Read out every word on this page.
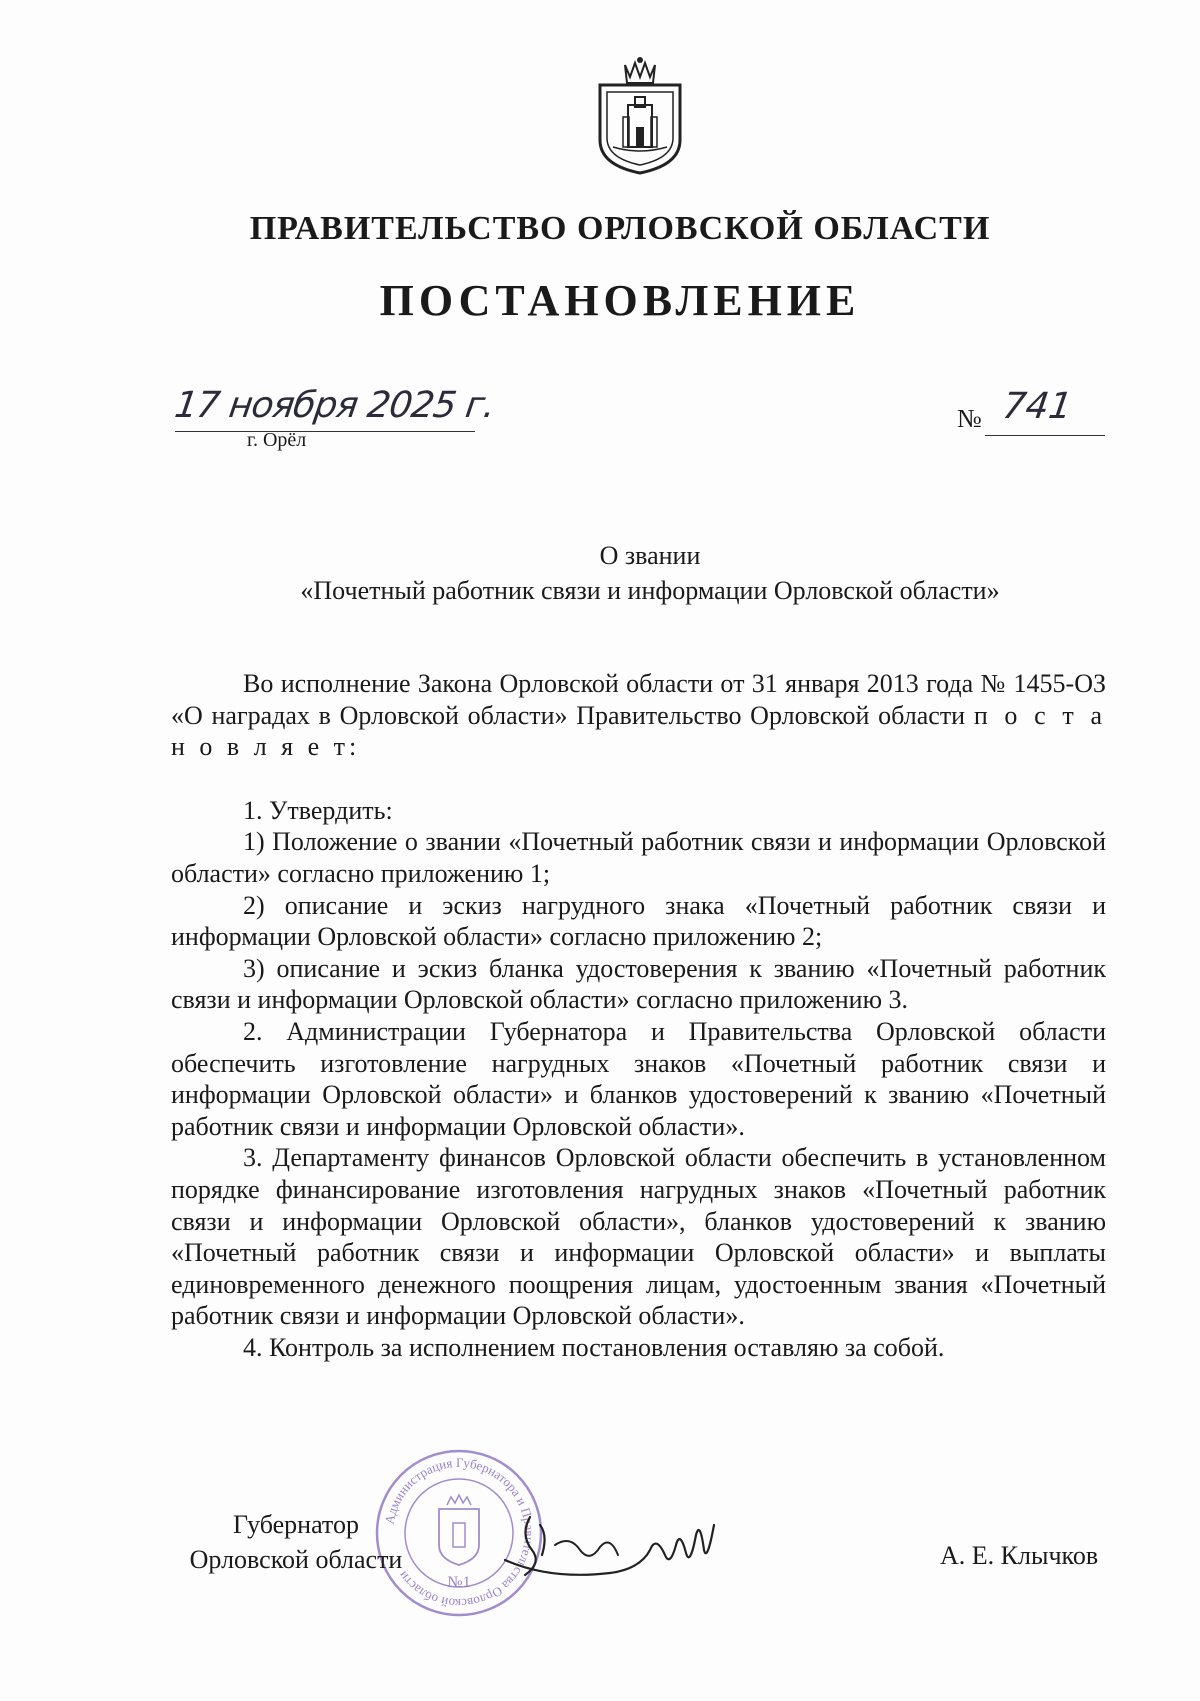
ПРАВИТЕЛЬСТВО ОРЛОВСКОЙ ОБЛАСТИ
ПОСТАНОВЛЕНИЕ
17 ноября 2025 г.
г. Орёл
№ 741
О звании
«Почетный работник связи и информации Орловской области»

Во исполнение Закона Орловской области от 31 января 2013 года № 1455-ОЗ «О наградах в Орловской области» Правительство Орловской области п о с т а н о в л я е т:

1. Утвердить:

1) Положение о звании «Почетный работник связи и информации Орловской области» согласно приложению 1;

2) описание и эскиз нагрудного знака «Почетный работник связи и информации Орловской области» согласно приложению 2;

3) описание и эскиз бланка удостоверения к званию «Почетный работник связи и информации Орловской области» согласно приложению 3.

2. Администрации Губернатора и Правительства Орловской области обеспечить изготовление нагрудных знаков «Почетный работник связи и информации Орловской области» и бланков удостоверений к званию «Почетный работник связи и информации Орловской области».

3. Департаменту финансов Орловской области обеспечить в установленном порядке финансирование изготовления нагрудных знаков «Почетный работник связи и информации Орловской области», бланков удостоверений к званию «Почетный работник связи и информации Орловской области» и выплаты единовременного денежного поощрения лицам, удостоенным звания «Почетный работник связи и информации Орловской области».

4. Контроль за исполнением постановления оставляю за собой.

Администрация Губернатора и Правительства Орловской области	№1
Губернатор
Орловской области	А. Е. Клычков
